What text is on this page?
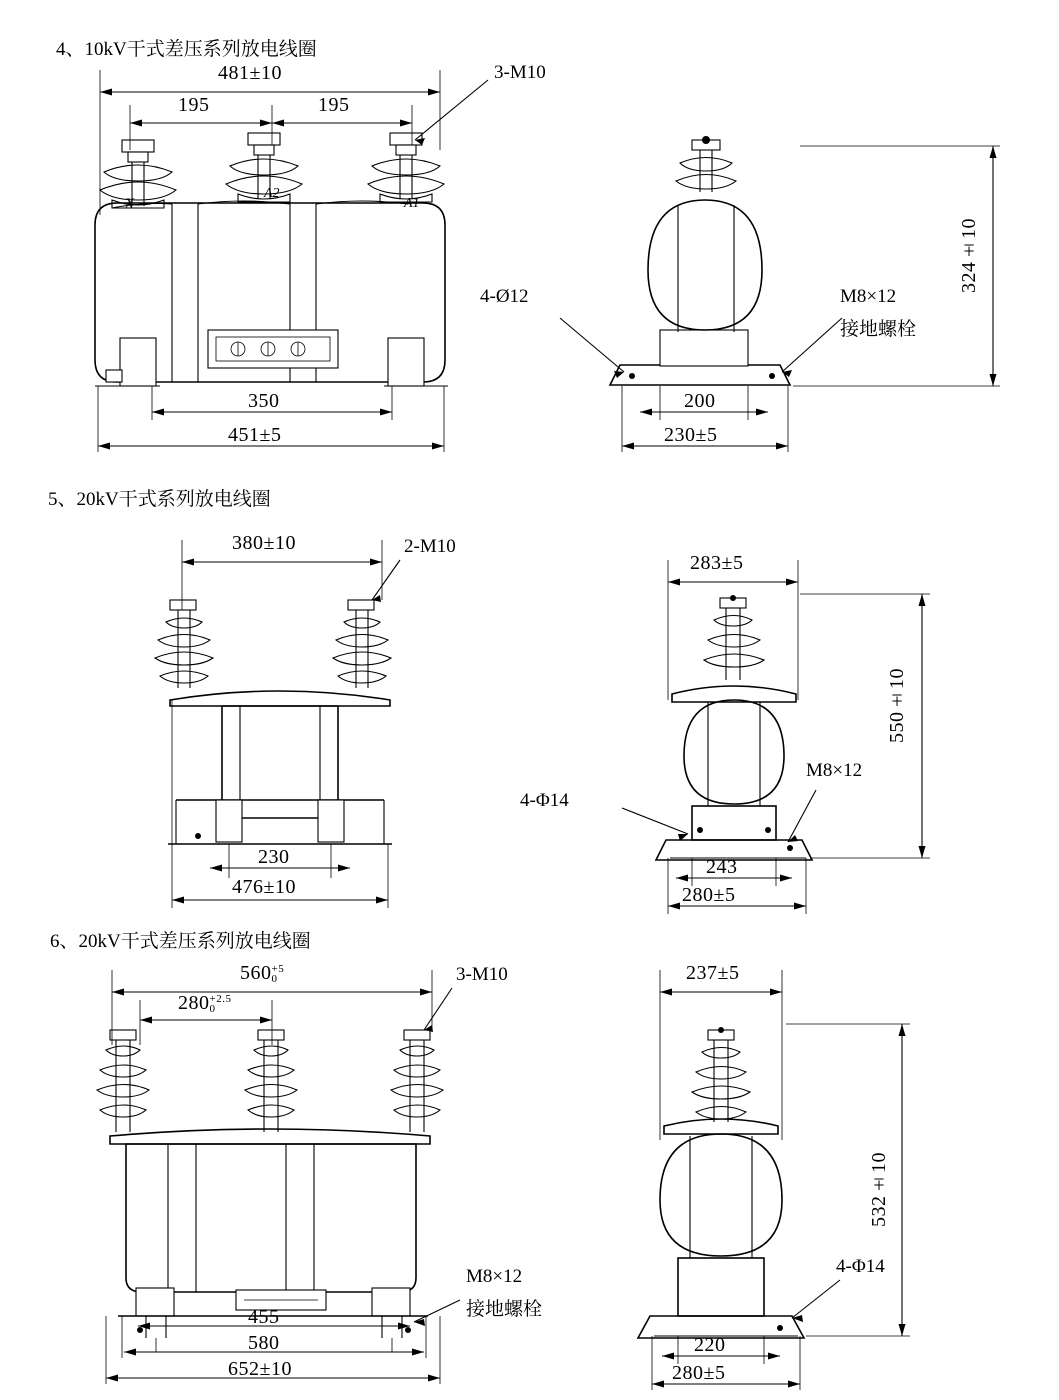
4、10kV干式差压系列放电线圈
481±10
195	195
3-M10
X
A2
A1
350
451±5
324±10
4-Ø12	M8×12
接地螺栓
200
230±5
5、20kV干式系列放电线圈
380±10	2-M10
230
476±10
283±5
550±10
M8×12
4-Φ14
243
280±5
6、20kV干式差压系列放电线圈
560 +5
0
280 +2.5
0
3-M10
M8×12
接地螺栓
455
580
652±10
237±5
532±10
4-Φ14
220
280±5
